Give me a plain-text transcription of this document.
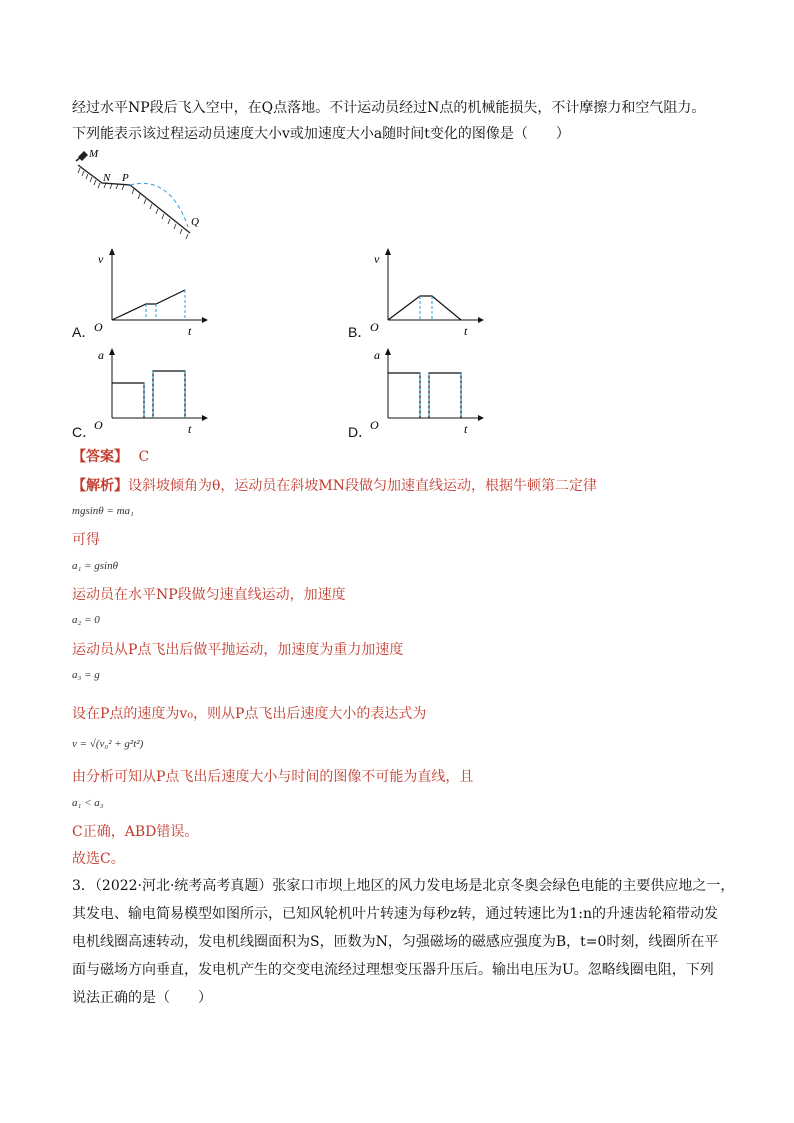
经过水平NP段后飞入空中，在Q点落地。不计运动员经过N点的机械能损失，不计摩擦力和空气阻力。
下列能表示该过程运动员速度大小v或加速度大小a随时间t变化的图像是（　　）
M
N P
Q
A．
v
O	t	B．
v
O	t
C．
a
O	t	D．
a
O	t
【答案】 C
【解析】设斜坡倾角为θ，运动员在斜坡MN段做匀加速直线运动，根据牛顿第二定律
mgsinθ = ma₁
可得
a₁ = gsinθ
运动员在水平NP段做匀速直线运动，加速度
a₂ = 0
运动员从P点飞出后做平抛运动，加速度为重力加速度
a₃ = g
设在P点的速度为v₀，则从P点飞出后速度大小的表达式为
v = √(v₀² + g²t²)
由分析可知从P点飞出后速度大小与时间的图像不可能为直线，且
a₁ < a₃
C正确，ABD错误。
故选C。
3．（2022·河北·统考高考真题）张家口市坝上地区的风力发电场是北京冬奥会绿色电能的主要供应地之一，
其发电、输电简易模型如图所示，已知风轮机叶片转速为每秒z转，通过转速比为1:n的升速齿轮箱带动发
电机线圈高速转动，发电机线圈面积为S，匝数为N，匀强磁场的磁感应强度为B，t=0时刻，线圈所在平
面与磁场方向垂直，发电机产生的交变电流经过理想变压器升压后。输出电压为U。忽略线圈电阻，下列
说法正确的是（　　）
